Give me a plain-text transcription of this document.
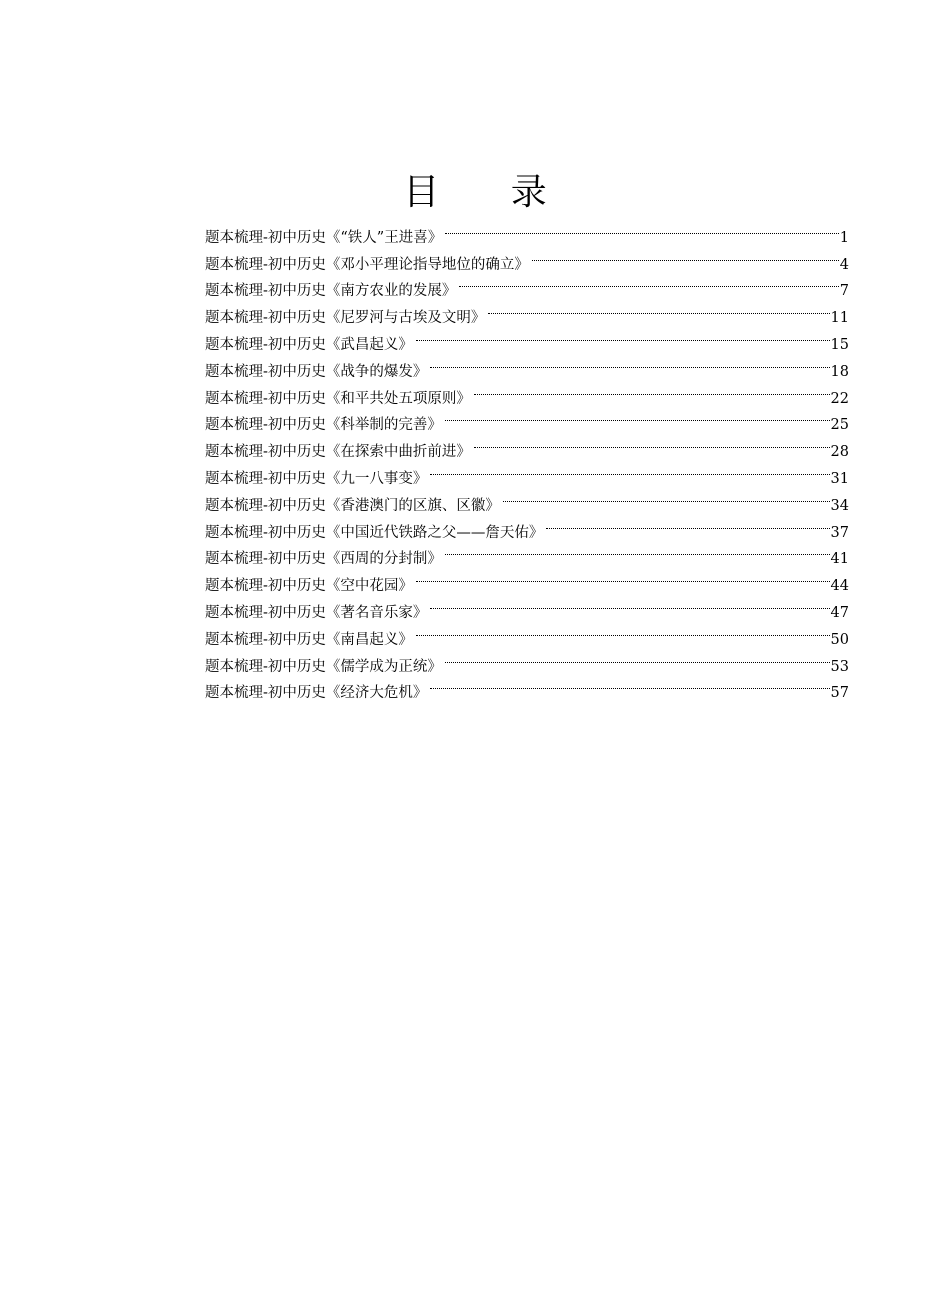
目 录
题本梳理-初中历史《“铁人”王进喜》	1
题本梳理-初中历史《邓小平理论指导地位的确立》	4
题本梳理-初中历史《南方农业的发展》	7
题本梳理-初中历史《尼罗河与古埃及文明》	11
题本梳理-初中历史《武昌起义》	15
题本梳理-初中历史《战争的爆发》	18
题本梳理-初中历史《和平共处五项原则》	22
题本梳理-初中历史《科举制的完善》	25
题本梳理-初中历史《在探索中曲折前进》	28
题本梳理-初中历史《九一八事变》	31
题本梳理-初中历史《香港澳门的区旗、区徽》	34
题本梳理-初中历史《中国近代铁路之父——詹天佑》	37
题本梳理-初中历史《西周的分封制》	41
题本梳理-初中历史《空中花园》	44
题本梳理-初中历史《著名音乐家》	47
题本梳理-初中历史《南昌起义》	50
题本梳理-初中历史《儒学成为正统》	53
题本梳理-初中历史《经济大危机》	57
